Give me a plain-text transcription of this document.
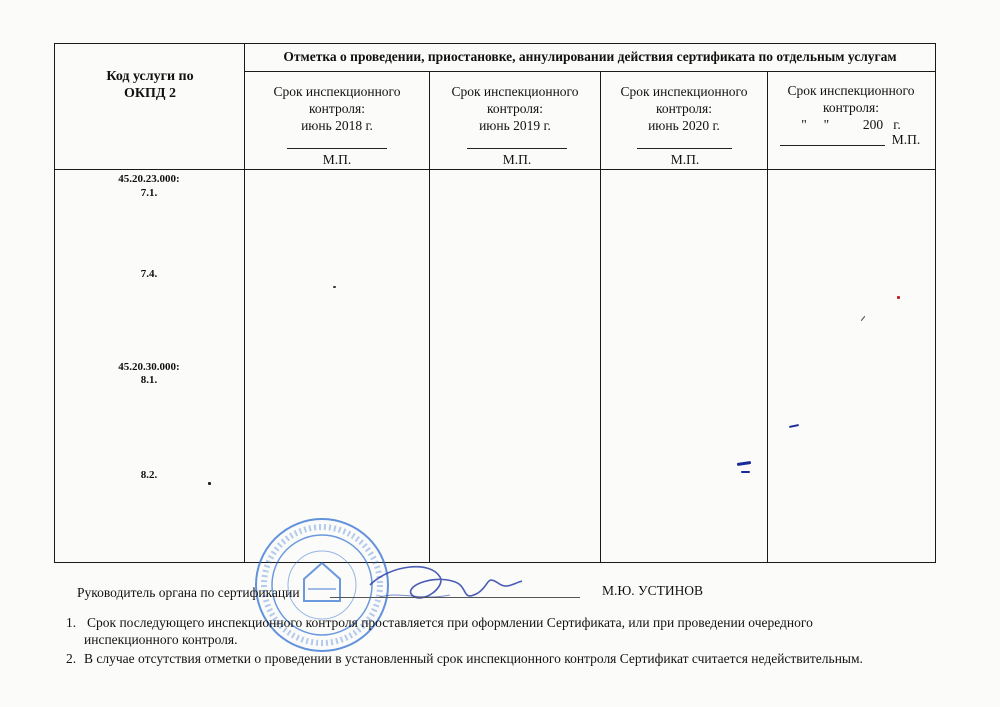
Код услуги по ОКПД 2
Отметка о проведении, приостановке, аннулировании действия сертификата по отдельным услугам
Срок инспекционного
контроля:
июнь 2018 г.
М.П.
Срок инспекционного
контроля:
июнь 2019 г.
М.П.
Срок инспекционного
контроля:
июнь 2020 г.
М.П.
Срок инспекционного
контроля:
"     "          200   г.
М.П.
45.20.23.000:
7.1.
7.4.
45.20.30.000:
8.1.
8.2.
Руководитель органа по сертификации	М.Ю. УСТИНОВ
1. Срок последующего инспекционного контроля проставляется при оформлении Сертификата, или при проведении очередного
инспекционного контроля.
2. В случае отсутствия отметки о проведении в установленный срок инспекционного контроля Сертификат считается недействительным.
